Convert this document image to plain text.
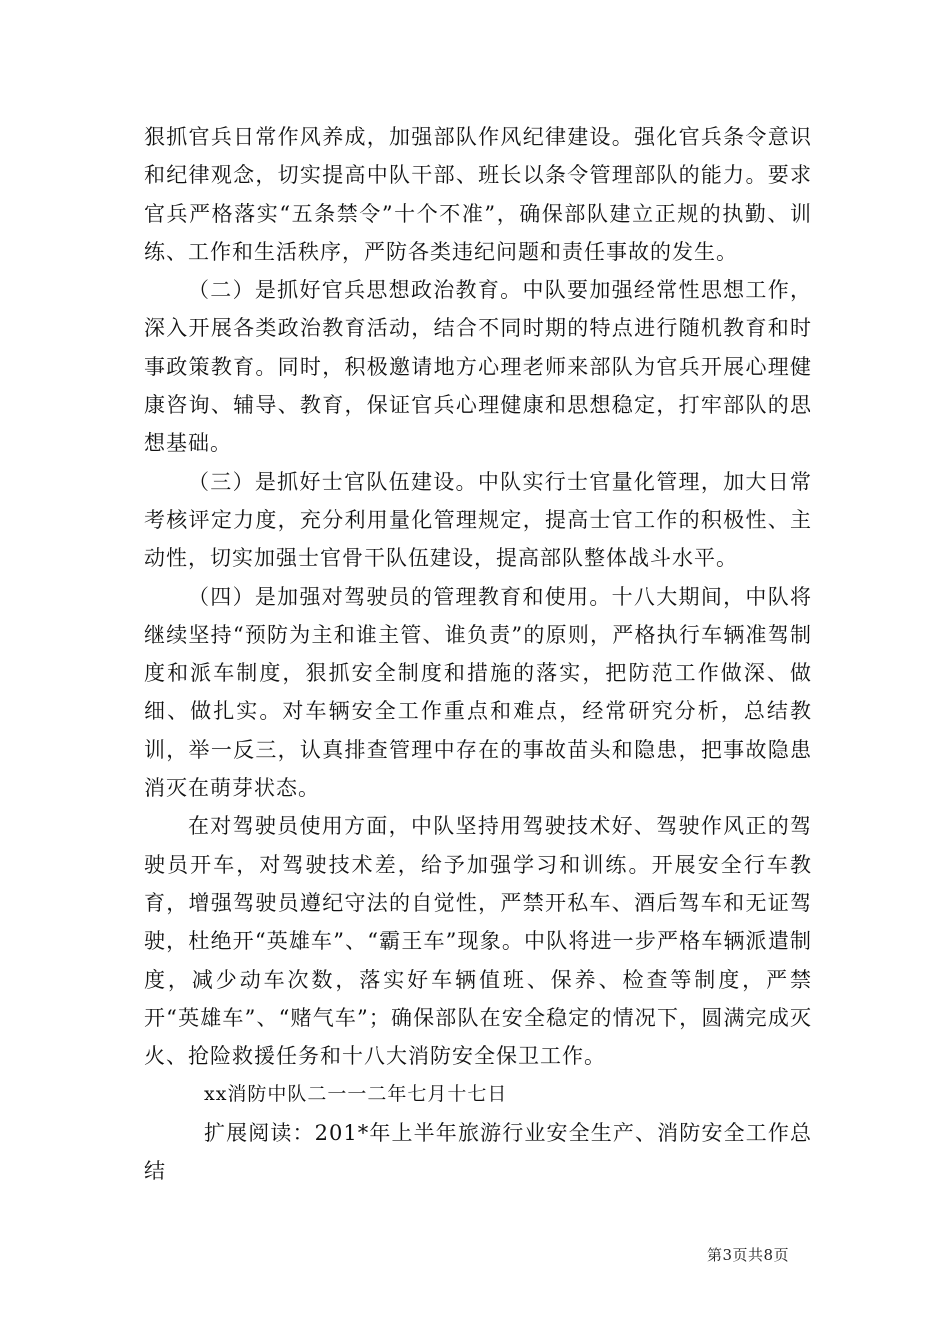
狠抓官兵日常作风养成，加强部队作风纪律建设。强化官兵条令意识和纪律观念，切实提高中队干部、班长以条令管理部队的能力。要求官兵严格落实“五条禁令”十个不准”，确保部队建立正规的执勤、训练、工作和生活秩序，严防各类违纪问题和责任事故的发生。

（二）是抓好官兵思想政治教育。中队要加强经常性思想工作，深入开展各类政治教育活动，结合不同时期的特点进行随机教育和时事政策教育。同时，积极邀请地方心理老师来部队为官兵开展心理健康咨询、辅导、教育，保证官兵心理健康和思想稳定，打牢部队的思想基础。

（三）是抓好士官队伍建设。中队实行士官量化管理，加大日常考核评定力度，充分利用量化管理规定，提高士官工作的积极性、主动性，切实加强士官骨干队伍建设，提高部队整体战斗水平。

（四）是加强对驾驶员的管理教育和使用。十八大期间，中队将继续坚持“预防为主和谁主管、谁负责”的原则，严格执行车辆准驾制度和派车制度，狠抓安全制度和措施的落实，把防范工作做深、做细、做扎实。对车辆安全工作重点和难点，经常研究分析，总结教训，举一反三，认真排查管理中存在的事故苗头和隐患，把事故隐患消灭在萌芽状态。

在对驾驶员使用方面，中队坚持用驾驶技术好、驾驶作风正的驾驶员开车，对驾驶技术差，给予加强学习和训练。开展安全行车教育，增强驾驶员遵纪守法的自觉性，严禁开私车、酒后驾车和无证驾驶，杜绝开“英雄车”、“霸王车”现象。中队将进一步严格车辆派遣制度，减少动车次数，落实好车辆值班、保养、检查等制度，严禁开“英雄车”、“赌气车”；确保部队在安全稳定的情况下，圆满完成灭火、抢险救援任务和十八大消防安全保卫工作。

xx消防中队二一一二年七月十七日

扩展阅读：201*年上半年旅游行业安全生产、消防安全工作总结

第3页共8页
